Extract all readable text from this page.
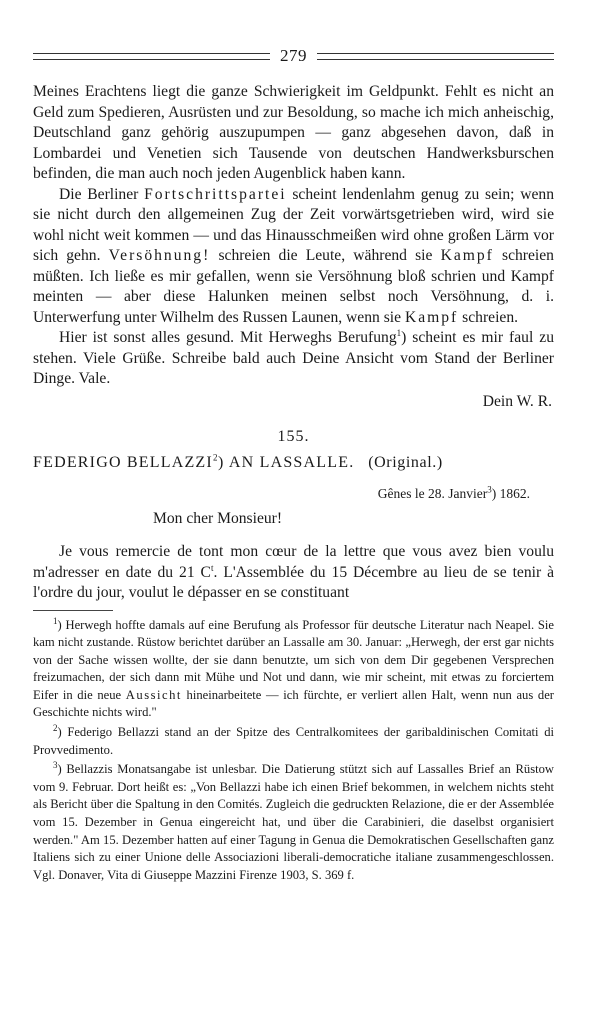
279

Meines Erachtens liegt die ganze Schwierigkeit im Geldpunkt. Fehlt es nicht an Geld zum Spedieren, Ausrüsten und zur Besoldung, so mache ich mich anheischig, Deutschland ganz gehörig auszupumpen — ganz abgesehen davon, daß in Lombardei und Venetien sich Tausende von deutschen Handwerksburschen befinden, die man auch noch jeden Augenblick haben kann.

Die Berliner Fortschrittspartei scheint lendenlahm genug zu sein; wenn sie nicht durch den allgemeinen Zug der Zeit vorwärtsgetrieben wird, wird sie wohl nicht weit kommen — und das Hinausschmeißen wird ohne großen Lärm vor sich gehn. Versöhnung! schreien die Leute, während sie Kampf schreien müßten. Ich ließe es mir gefallen, wenn sie Versöhnung bloß schrien und Kampf meinten — aber diese Halunken meinen selbst noch Versöhnung, d. i. Unterwerfung unter Wilhelm des Russen Launen, wenn sie Kampf schreien.

Hier ist sonst alles gesund. Mit Herweghs Berufung$^1$) scheint es mir faul zu stehen. Viele Grüße. Schreibe bald auch Deine Ansicht vom Stand der Berliner Dinge. Vale.

Dein W. R.

155.
FEDERIGO BELLAZZI$^2$) AN LASSALLE. (Original.)
Gênes le 28. Janvier$^3$) 1862.
Mon cher Monsieur!

Je vous remercie de tont mon cœur de la lettre que vous avez bien voulu m'adresser en date du 21 $C^t$. L'Assemblée du 15 Décembre au lieu de se tenir à l'ordre du jour, voulut le dépasser en se constituant

$^1$) Herwegh hoffte damals auf eine Berufung als Professor für deutsche Literatur nach Neapel. Sie kam nicht zustande. Rüstow berichtet darüber an Lassalle am 30. Januar: „Herwegh, der erst gar nichts von der Sache wissen wollte, der sie dann benutzte, um sich von dem Dir gegebenen Versprechen freizumachen, der sich dann mit Mühe und Not und dann, wie mir scheint, mit etwas zu forciertem Eifer in die neue Aussicht hineinarbeitete — ich fürchte, er verliert allen Halt, wenn nun aus der Geschichte nichts wird."

$^2$) Federigo Bellazzi stand an der Spitze des Centralkomitees der garibaldinischen Comitati di Provvedimento.

$^3$) Bellazzis Monatsangabe ist unlesbar. Die Datierung stützt sich auf Lassalles Brief an Rüstow vom 9. Februar. Dort heißt es: „Von Bellazzi habe ich einen Brief bekommen, in welchem nichts steht als Bericht über die Spaltung in den Comités. Zugleich die gedruckten Relazione, die er der Assemblée vom 15. Dezember in Genua eingereicht hat, und über die Carabinieri, die daselbst organisiert werden." Am 15. Dezember hatten auf einer Tagung in Genua die Demokratischen Gesellschaften ganz Italiens sich zu einer Unione delle Associazioni liberali-democratiche italiane zusammengeschlossen. Vgl. Donaver, Vita di Giuseppe Mazzini Firenze 1903, S. 369 f.
